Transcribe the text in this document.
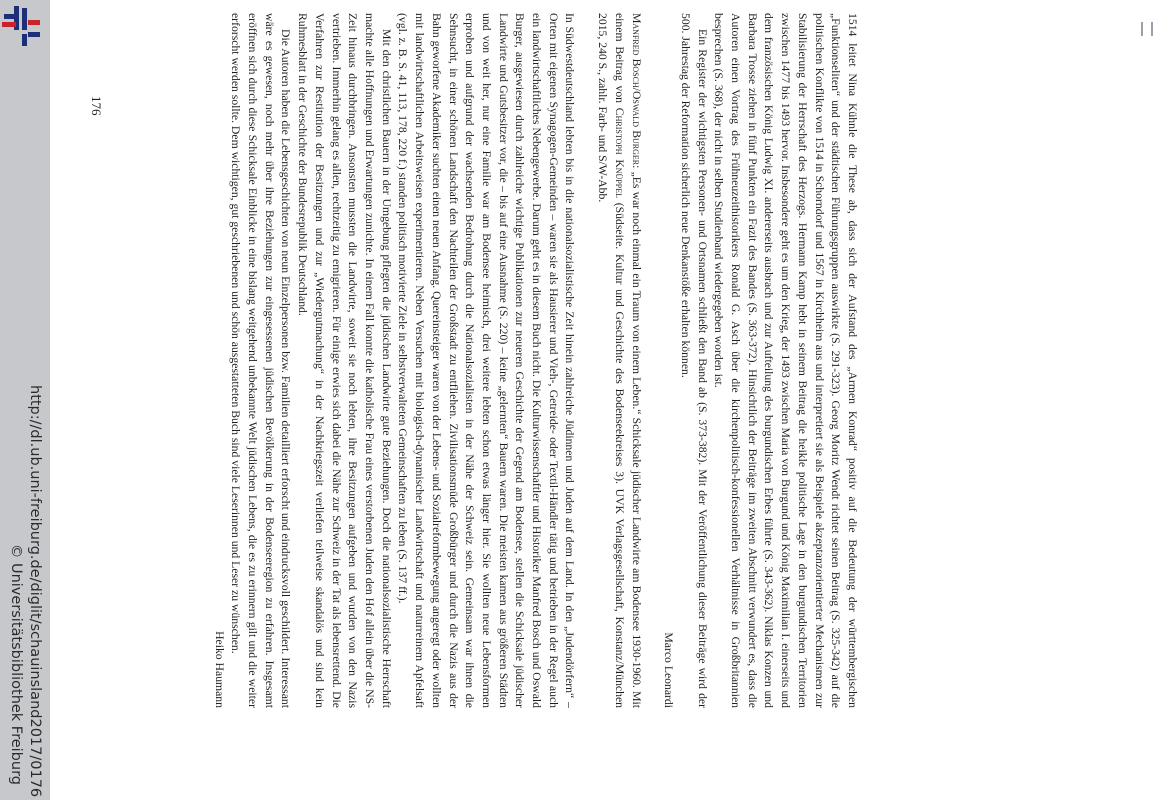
1514 leitet Nina Kühnle die These ab, dass sich der Aufstand des „Armen Konrad“ positiv auf die Bedeutung der württembergischen „Funktionseliten“ und der städtischen Führungsgruppen auswirkte (S. 291-323). Georg Moritz Wendt richtet seinen Beitrag (S. 325-342) auf die politischen Konflikte von 1514 in Schorndorf und 1567 in Kirchheim aus und interpretiert sie als Beispiele akzeptanzorientierter Mechanismen zur Stabilisierung der Herrschaft des Herzogs. Hermann Kamp hebt in seinem Beitrag die heikle politische Lage in den burgundischen Territorien zwischen 1477 bis 1493 hervor. Insbesondere geht es um den Krieg, der 1493 zwischen Maria von Burgund und König Maximilian I. einerseits und dem französischen König Ludwig XI. andererseits ausbrach und zur Aufteilung des burgundischen Erbes führte (S. 343-362). Niklas Konzen und Barbara Trosse ziehen in fünf Punkten ein Fazit des Bandes (S. 363-372). Hinsichtlich der Beiträge im zweiten Abschnitt verwundert es, dass die Autoren einen Vortrag des Frühneuzeithistorikers Ronald G. Asch über die kirchenpolitisch-konfessionellen Verhältnisse in Großbritannien besprechen (S. 368), der nicht in selben Studienband wiedergegeben worden ist.

Ein Register der wichtigsten Personen- und Ortsnamen schließt den Band ab (S. 373-382). Mit der Veröffentlichung dieser Beiträge wird der 500. Jahrestag der Reformation sicherlich neue Denkanstöße erhalten können.

Marco Leonardi

Manfred Bosch/Oswald Burger: „Es war noch einmal ein Traum von einem Leben.“ Schicksale jüdischer Landwirte am Bodensee 1930-1960. Mit einem Beitrag von Christoph Knüppel (Südseite. Kultur und Geschichte des Bodenseekreises 3). UVK Verlagsgesellschaft, Konstanz/München 2015, 240 S., zahlr. Farb- und S/W-Abb.

In Südwestdeutschland lebten bis in die nationalsozialistische Zeit hinein zahlreiche Jüdinnen und Juden auf dem Land. In den „Judendörfern“ – Orten mit eigenen Synagogen-Gemeinden – waren sie als Hausierer und Vieh-, Getreide- oder Textil-Händler tätig und betrieben in der Regel auch ein landwirtschaftliches Nebengewerbe. Darum geht es in diesem Buch nicht. Die Kulturwissenschaftler und Historiker Manfred Bosch und Oswald Burger, ausgewiesen durch zahlreiche wichtige Publikationen zur neueren Geschichte der Gegend am Bodensee, stellen die Schicksale jüdischer Landwirte und Gutsbesitzer vor, die – bis auf eine Ausnahme (S. 220) – keine „gelernten“ Bauern waren. Die meisten kamen aus größeren Städten und von weit her, nur eine Familie war am Bodensee heimisch, drei weitere lebten schon etwas länger hier. Sie wollten neue Lebensformen erproben und aufgrund der wachsenden Bedrohung durch die Nationalsozialisten in der Nähe der Schweiz sein. Gemeinsam war ihnen die Sehnsucht, in einer schönen Landschaft den Nachteilen der Großstadt zu entfliehen. Zivilisationsmüde Großbürger und durch die Nazis aus der Bahn geworfene Akademiker suchten einen neuen Anfang. Quereinsteiger waren von der Lebens- und Sozialreformbewegung angeregt oder wollten mit landwirtschaftlichen Arbeitsweisen experimentieren. Neben Versuchen mit biologisch-dynamischer Landwirtschaft und naturreinem Apfelsaft (vgl. z. B. S. 41, 113, 178, 220 f.) standen politisch motivierte Ziele in selbstverwalteten Gemeinschaften zu leben (S. 137 ff.).

Mit den christlichen Bauern in der Umgebung pflegten die jüdischen Landwirte gute Beziehungen. Doch die nationalsozialistische Herrschaft machte alle Hoffnungen und Erwartungen zunichte. In einem Fall konnte die katholische Frau eines verstorbenen Juden den Hof allein über die NS-Zeit hinaus durchbringen. Ansonsten mussten die Landwirte, soweit sie noch lebten, ihre Besitzungen aufgeben und wurden von den Nazis vertrieben. Immerhin gelang es allen, rechtzeitig zu emigrieren. Für einige erwies sich dabei die Nähe zur Schweiz in der Tat als lebensrettend. Die Verfahren zur Restitution der Besitzungen und zur „Wiedergutmachung“ in der Nachkriegszeit verliefen teilweise skandalös und sind kein Ruhmesblatt in der Geschichte der Bundesrepublik Deutschland.

Die Autoren haben die Lebensgeschichten von neun Einzelpersonen bzw. Familien detailliert erforscht und eindrucksvoll geschildert. Interessant wäre es gewesen, noch mehr über ihre Beziehungen zur eingesessenen jüdischen Bevölkerung in der Bodenseeregion zu erfahren. Insgesamt eröffnen sich durch diese Schicksale Einblicke in eine bislang weitgehend unbekannte Welt jüdischen Lebens, die es zu erinnern gilt und die weiter erforscht werden sollte. Dem wichtigen, gut geschriebenen und schön ausgestatteten Buch sind viele Leserinnen und Leser zu wünschen.

Heiko Haumann

176
http://dl.ub.uni-freiburg.de/diglit/schauinsland2017/0176
© Universitätsbibliothek Freiburg
